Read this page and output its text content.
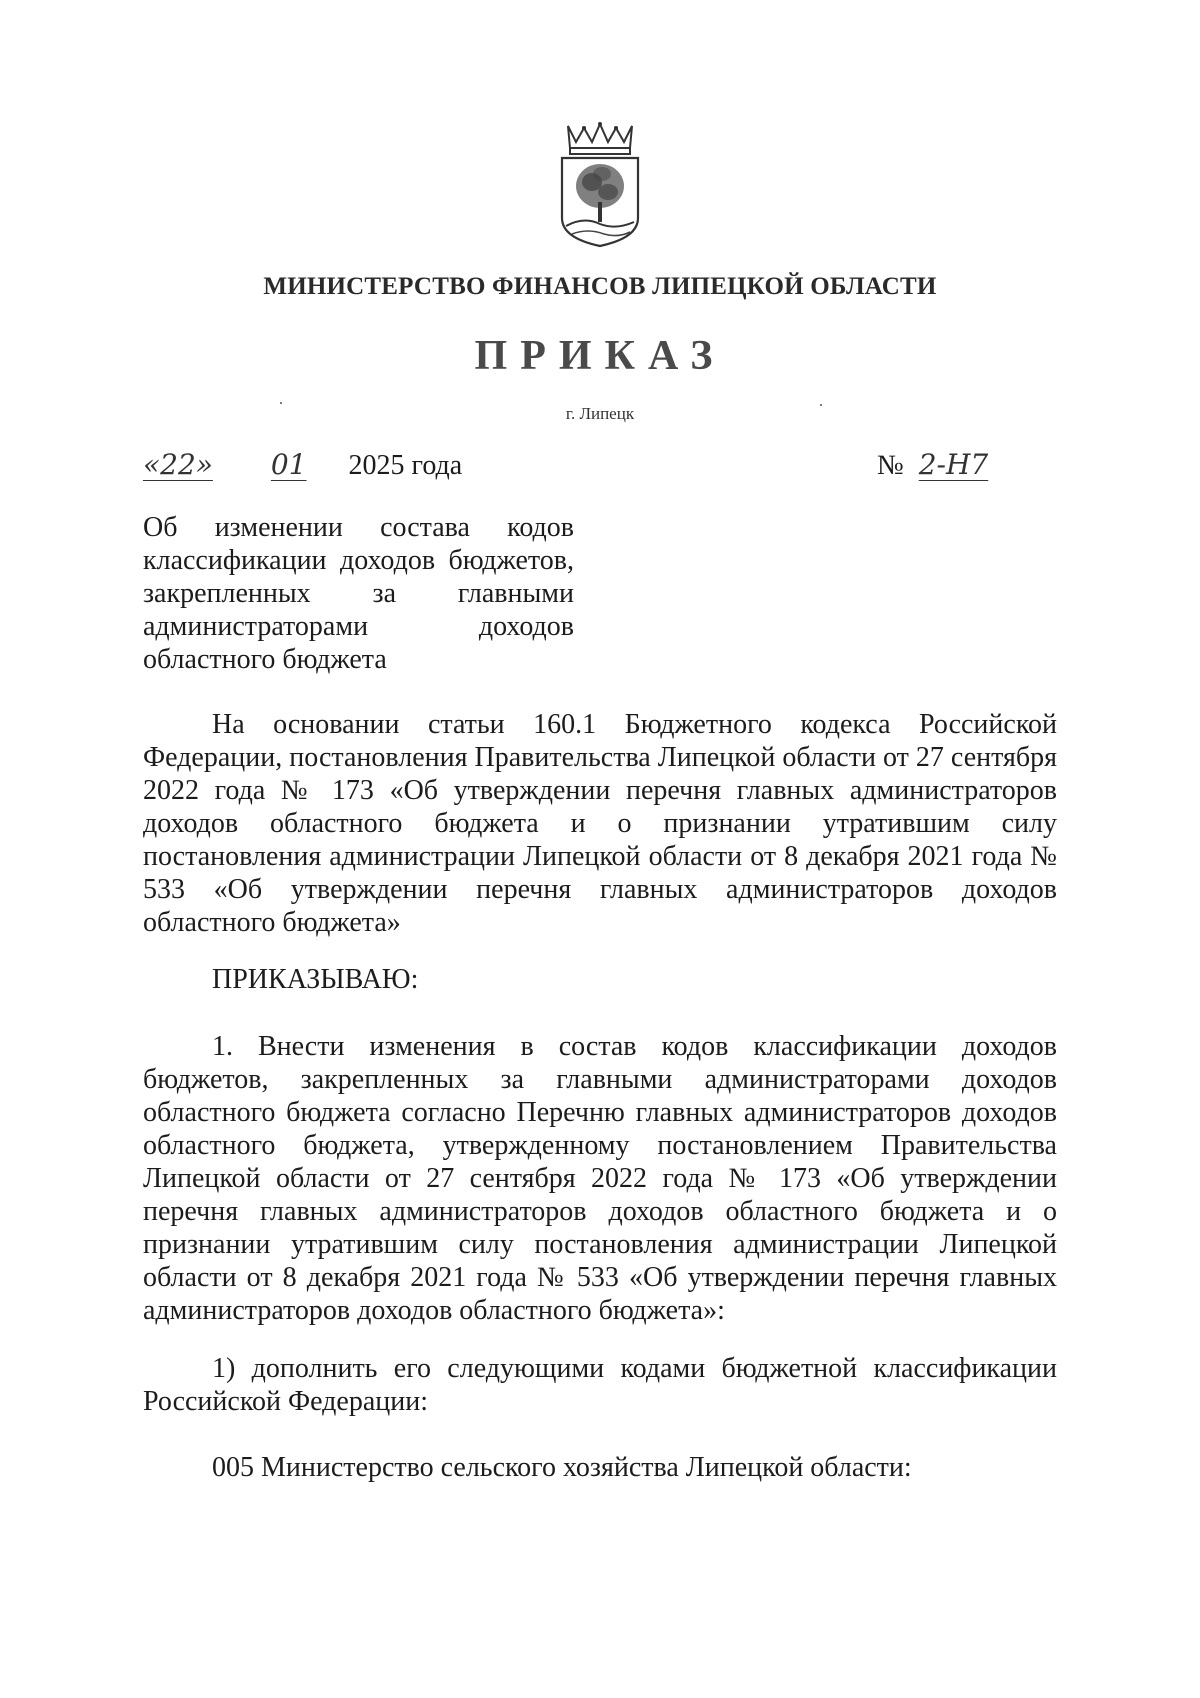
МИНИСТЕРСТВО ФИНАНСОВ ЛИПЕЦКОЙ ОБЛАСТИ
ПРИКАЗ
г. Липецк
«22» 01 2025 года	№ 2-Н7
Об изменении состава кодов классификации доходов бюджетов, закрепленных за главными администраторами доходов областного бюджета
На основании статьи 160.1 Бюджетного кодекса Российской Федерации, постановления Правительства Липецкой области от 27 сентября 2022 года № 173 «Об утверждении перечня главных администраторов доходов областного бюджета и о признании утратившим силу постановления администрации Липецкой области от 8 декабря 2021 года № 533 «Об утверждении перечня главных администраторов доходов областного бюджета»
ПРИКАЗЫВАЮ:
1. Внести изменения в состав кодов классификации доходов бюджетов, закрепленных за главными администраторами доходов областного бюджета согласно Перечню главных администраторов доходов областного бюджета, утвержденному постановлением Правительства Липецкой области от 27 сентября 2022 года № 173 «Об утверждении перечня главных администраторов доходов областного бюджета и о признании утратившим силу постановления администрации Липецкой области от 8 декабря 2021 года № 533 «Об утверждении перечня главных администраторов доходов областного бюджета»:
1) дополнить его следующими кодами бюджетной классификации Российской Федерации:
005 Министерство сельского хозяйства Липецкой области:
